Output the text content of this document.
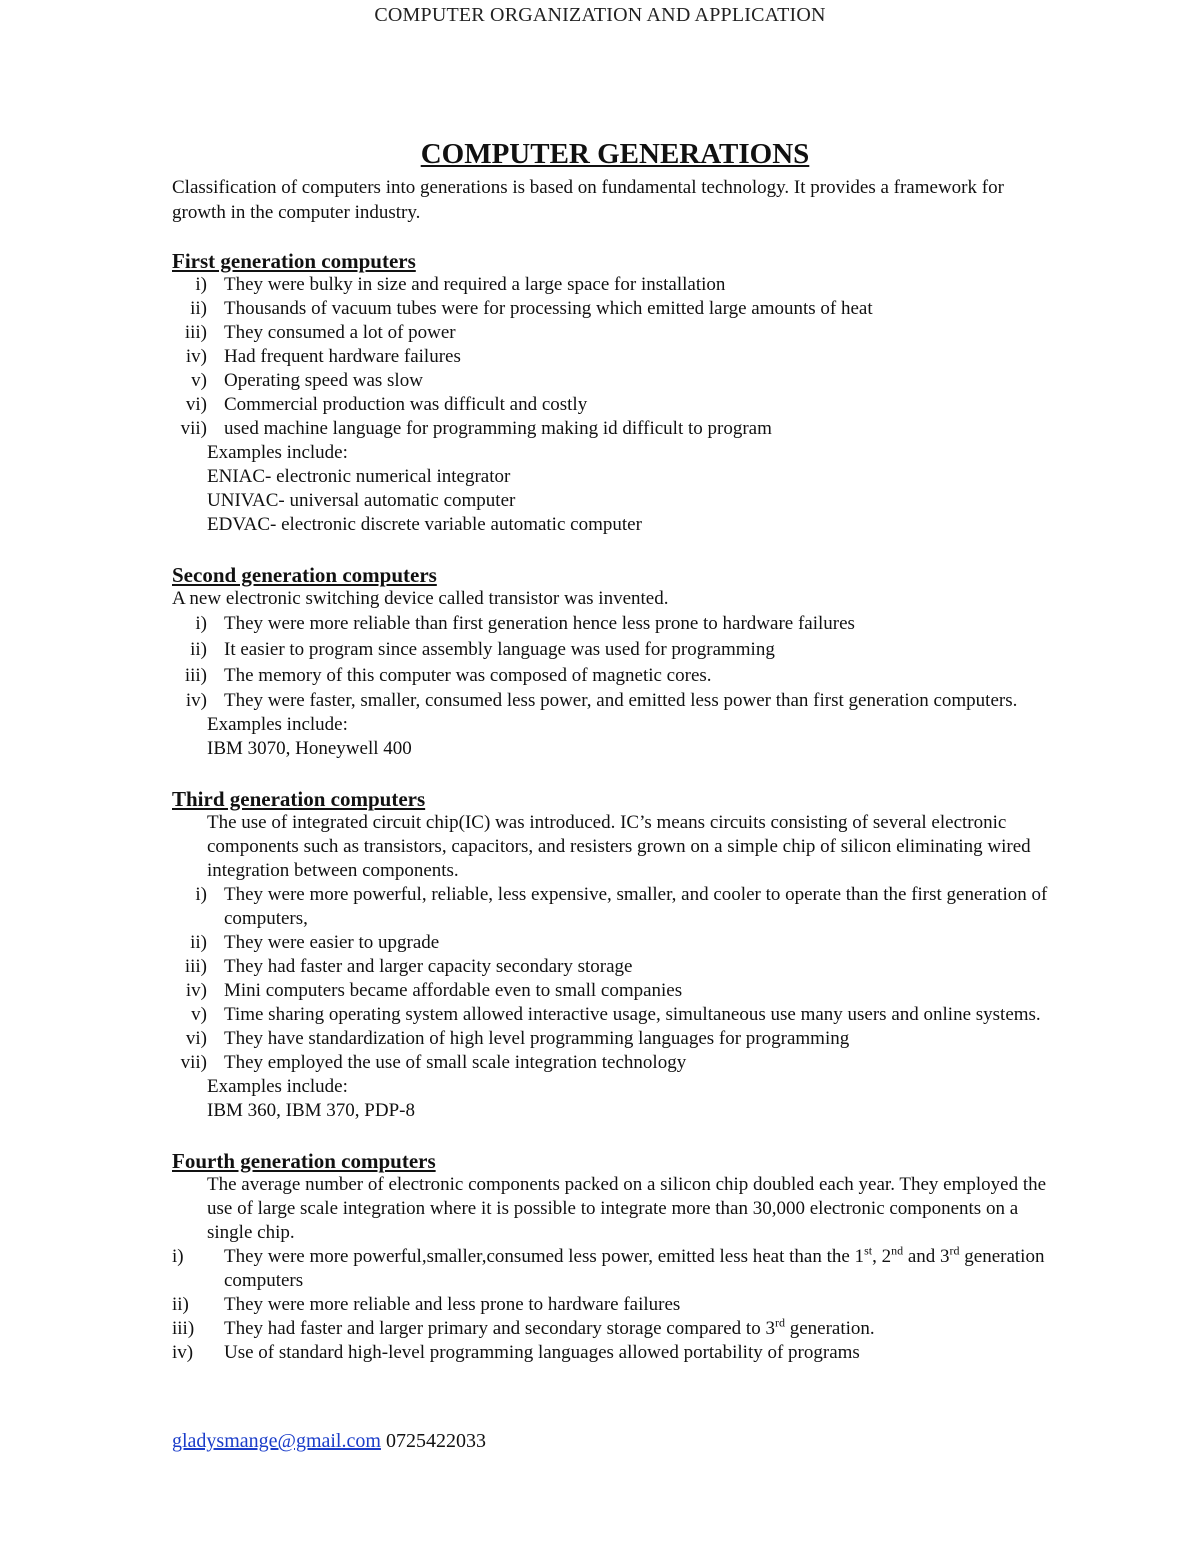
COMPUTER ORGANIZATION AND APPLICATION
COMPUTER GENERATIONS

Classification of computers into generations is based on fundamental technology. It provides a framework for growth in the computer industry.

First generation computers
i) They were bulky in size and required a large space for installation
ii) Thousands of vacuum tubes were for processing which emitted large amounts of heat
iii) They consumed a lot of power
iv) Had frequent hardware failures
v) Operating speed was slow
vi) Commercial production was difficult and costly
vii) used machine language for programming making id difficult to program
Examples include:
ENIAC- electronic numerical integrator
UNIVAC- universal automatic computer
EDVAC- electronic discrete variable automatic computer
Second generation computers

A new electronic switching device called transistor was invented.

i) They were more reliable than first generation hence less prone to hardware failures
ii) It easier to program since assembly language was used for programming
iii) The memory of this computer was composed of magnetic cores.
iv) They were faster, smaller, consumed less power, and emitted less power than first generation computers.
Examples include:
IBM 3070, Honeywell 400
Third generation computers

The use of integrated circuit chip(IC) was introduced. IC’s means circuits consisting of several electronic components such as transistors, capacitors, and resisters grown on a simple chip of silicon eliminating wired integration between components.

i) They were more powerful, reliable, less expensive, smaller, and cooler to operate than the first generation of computers,
ii) They were easier to upgrade
iii) They had faster and larger capacity secondary storage
iv) Mini computers became affordable even to small companies
v) Time sharing operating system allowed interactive usage, simultaneous use many users and online systems.
vi) They have standardization of high level programming languages for programming
vii) They employed the use of small scale integration technology
Examples include:
IBM 360, IBM 370, PDP-8
Fourth generation computers

The average number of electronic components packed on a silicon chip doubled each year. They employed the use of large scale integration where it is possible to integrate more than 30,000 electronic components on a single chip.

i)	They were more powerful,smaller,consumed less power, emitted less heat than the 1st, 2nd and 3rd generation computers
ii)	They were more reliable and less prone to hardware failures
iii)	They had faster and larger primary and secondary storage compared to 3rd generation.
iv)	Use of standard high-level programming languages allowed portability of programs
gladysmange@gmail.com 0725422033
